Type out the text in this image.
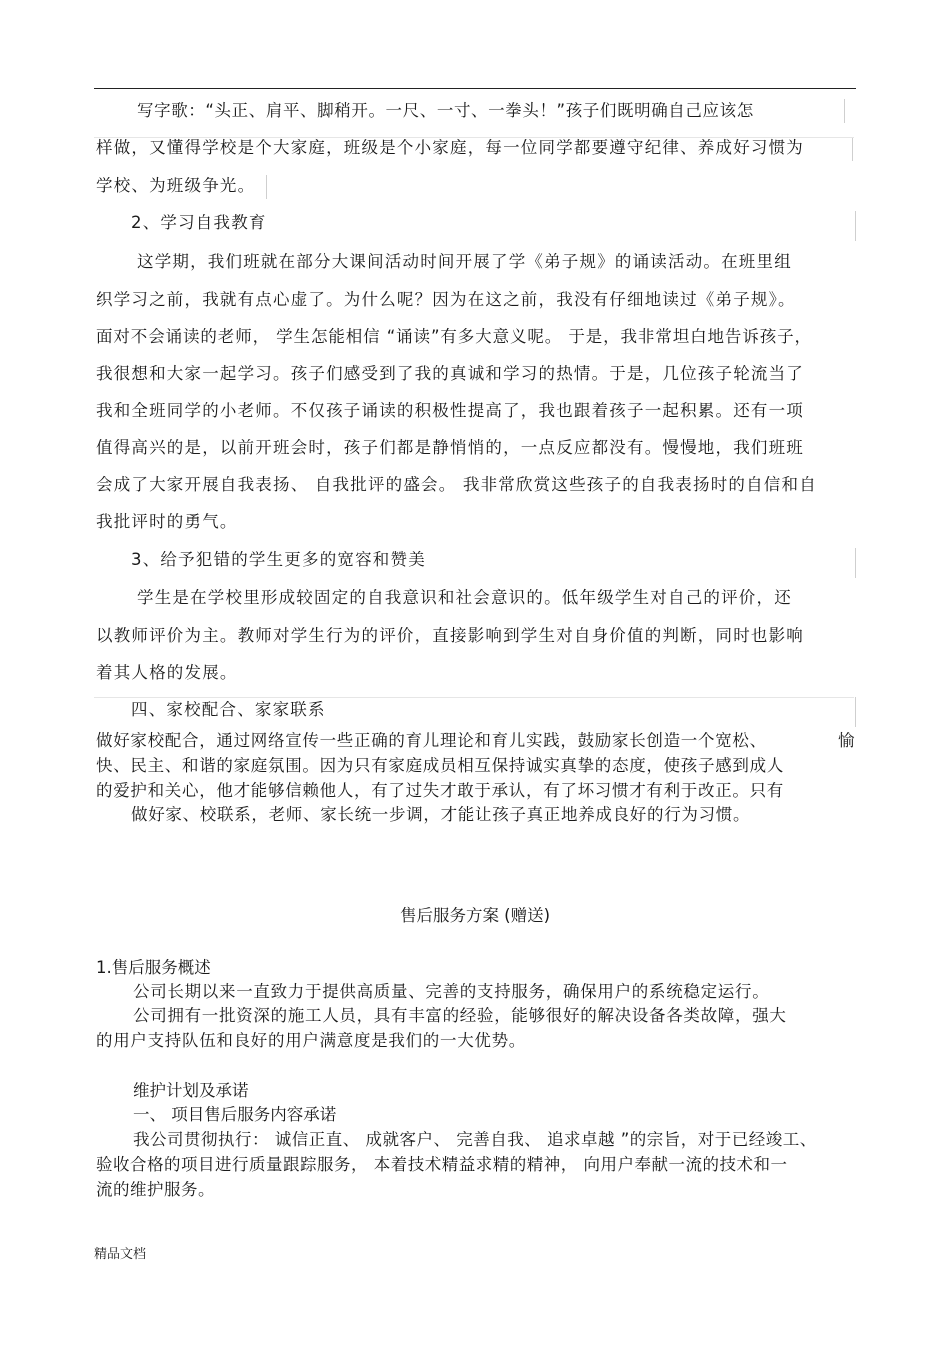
写字歌：“头正、肩平、脚稍开。一尺、一寸、一拳头！”孩子们既明确自己应该怎
样做，又懂得学校是个大家庭，班级是个小家庭，每一位同学都要遵守纪律、养成好习惯为
学校、为班级争光。
2、学习自我教育
这学期，我们班就在部分大课间活动时间开展了学《弟子规》的诵读活动。在班里组
织学习之前，我就有点心虚了。为什么呢？因为在这之前，我没有仔细地读过《弟子规》。
面对不会诵读的老师， 学生怎能相信 “诵读”有多大意义呢。 于是，我非常坦白地告诉孩子，
我很想和大家一起学习。孩子们感受到了我的真诚和学习的热情。于是，几位孩子轮流当了
我和全班同学的小老师。不仅孩子诵读的积极性提高了，我也跟着孩子一起积累。还有一项
值得高兴的是，以前开班会时，孩子们都是静悄悄的，一点反应都没有。慢慢地，我们班班
会成了大家开展自我表扬、 自我批评的盛会。 我非常欣赏这些孩子的自我表扬时的自信和自
我批评时的勇气。
3、给予犯错的学生更多的宽容和赞美
学生是在学校里形成较固定的自我意识和社会意识的。低年级学生对自己的评价，还
以教师评价为主。教师对学生行为的评价，直接影响到学生对自身价值的判断，同时也影响
着其人格的发展。
四、家校配合、家家联系
做好家校配合，通过网络宣传一些正确的育儿理论和育儿实践，鼓励家长创造一个宽松、	愉
快、民主、和谐的家庭氛围。因为只有家庭成员相互保持诚实真挚的态度，使孩子感到成人
的爱护和关心，他才能够信赖他人，有了过失才敢于承认，有了坏习惯才有利于改正。只有
做好家、校联系，老师、家长统一步调，才能让孩子真正地养成良好的行为习惯。
售后服务方案 (赠送)
1.售后服务概述
公司长期以来一直致力于提供高质量、完善的支持服务，确保用户的系统稳定运行。
公司拥有一批资深的施工人员，具有丰富的经验，能够很好的解决设备各类故障，强大
的用户支持队伍和良好的用户满意度是我们的一大优势。
维护计划及承诺
一、 项目售后服务内容承诺
我公司贯彻执行： 诚信正直、 成就客户、 完善自我、 追求卓越 ”的宗旨，对于已经竣工、
验收合格的项目进行质量跟踪服务， 本着技术精益求精的精神， 向用户奉献一流的技术和一
流的维护服务。
精品文档
